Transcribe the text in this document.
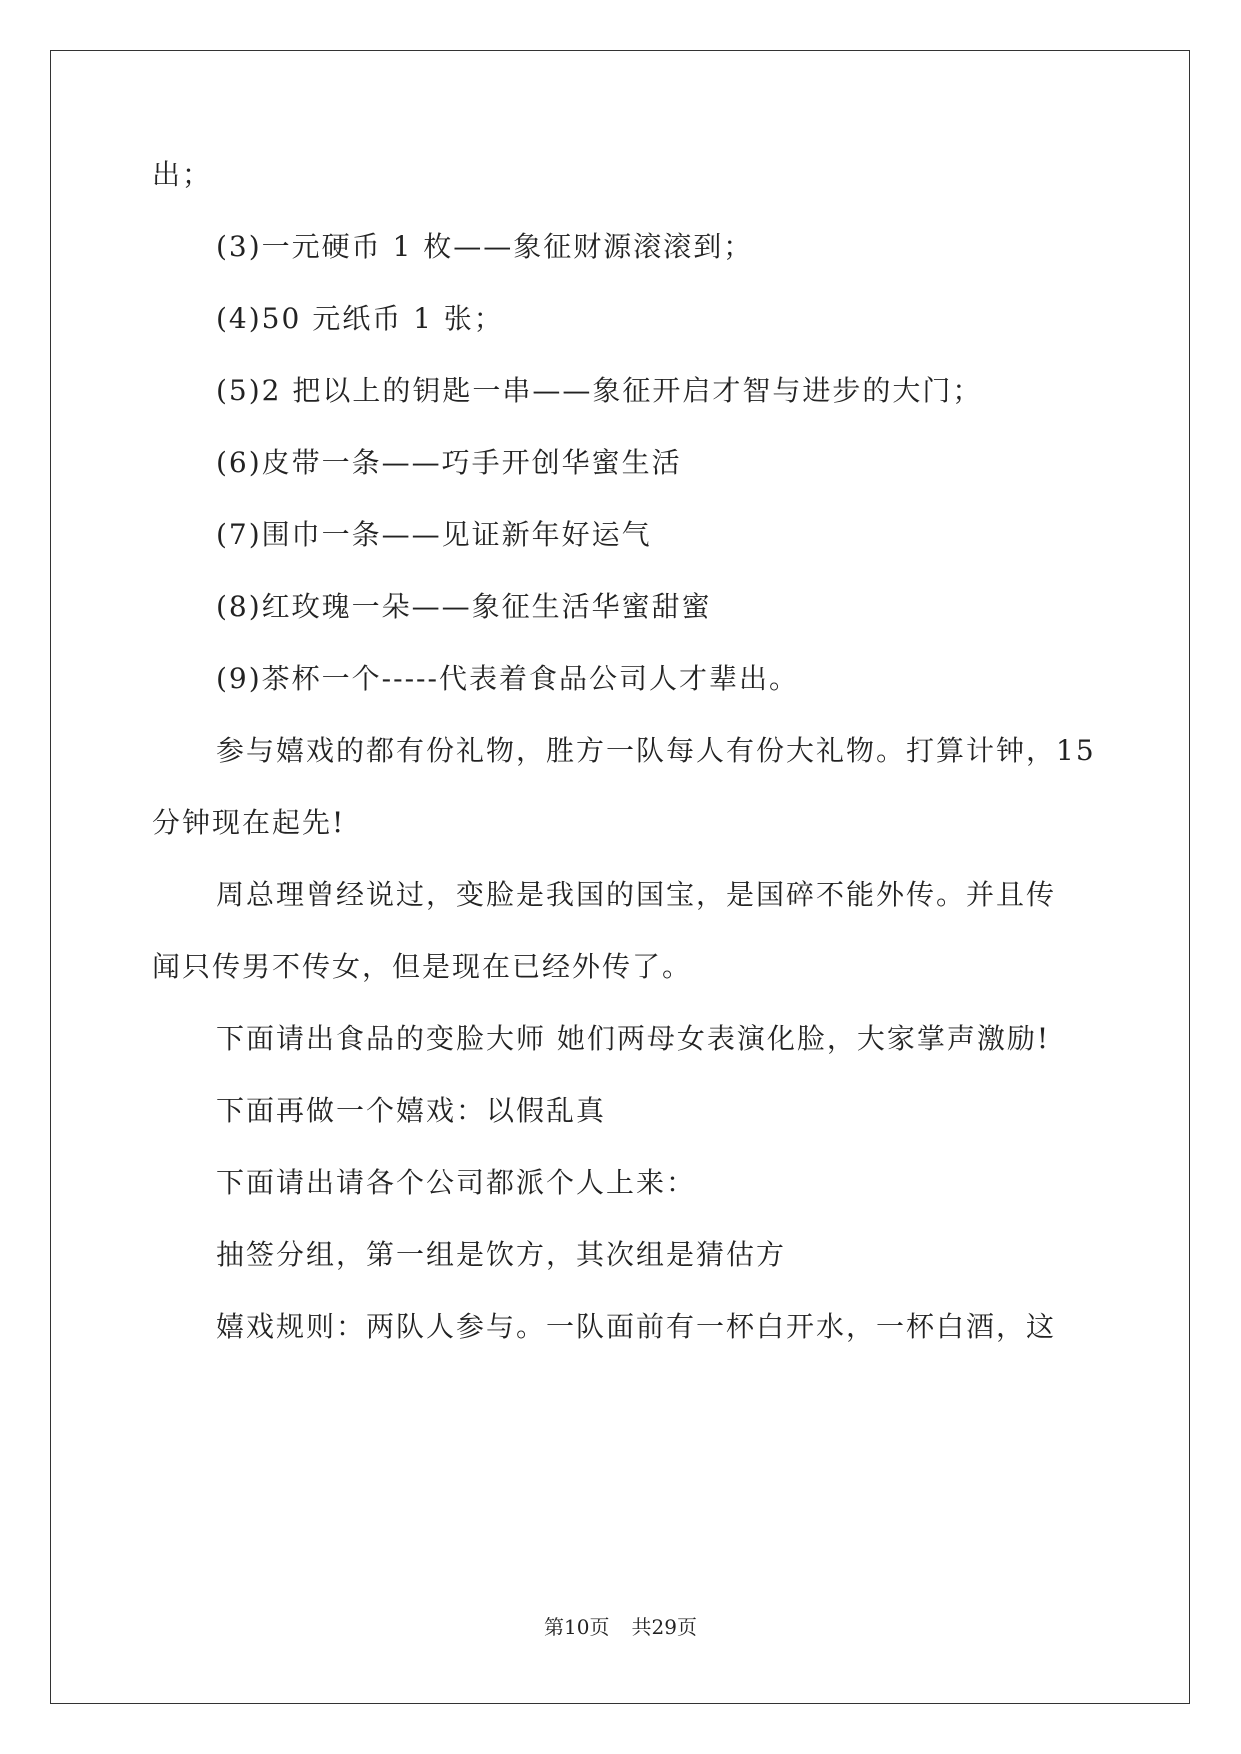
出；
(3)一元硬币 1 枚——象征财源滚滚到；
(4)50 元纸币 1 张；
(5)2 把以上的钥匙一串——象征开启才智与进步的大门；
(6)皮带一条——巧手开创华蜜生活
(7)围巾一条——见证新年好运气
(8)红玫瑰一朵——象征生活华蜜甜蜜
(9)茶杯一个-----代表着食品公司人才辈出。
参与嬉戏的都有份礼物，胜方一队每人有份大礼物。打算计钟，15
分钟现在起先!
周总理曾经说过，变脸是我国的国宝，是国碎不能外传。并且传
闻只传男不传女，但是现在已经外传了。
下面请出食品的变脸大师 她们两母女表演化脸，大家掌声激励!
下面再做一个嬉戏：以假乱真
下面请出请各个公司都派个人上来：
抽签分组，第一组是饮方，其次组是猜估方
嬉戏规则：两队人参与。一队面前有一杯白开水，一杯白酒，这
第10页 共29页
